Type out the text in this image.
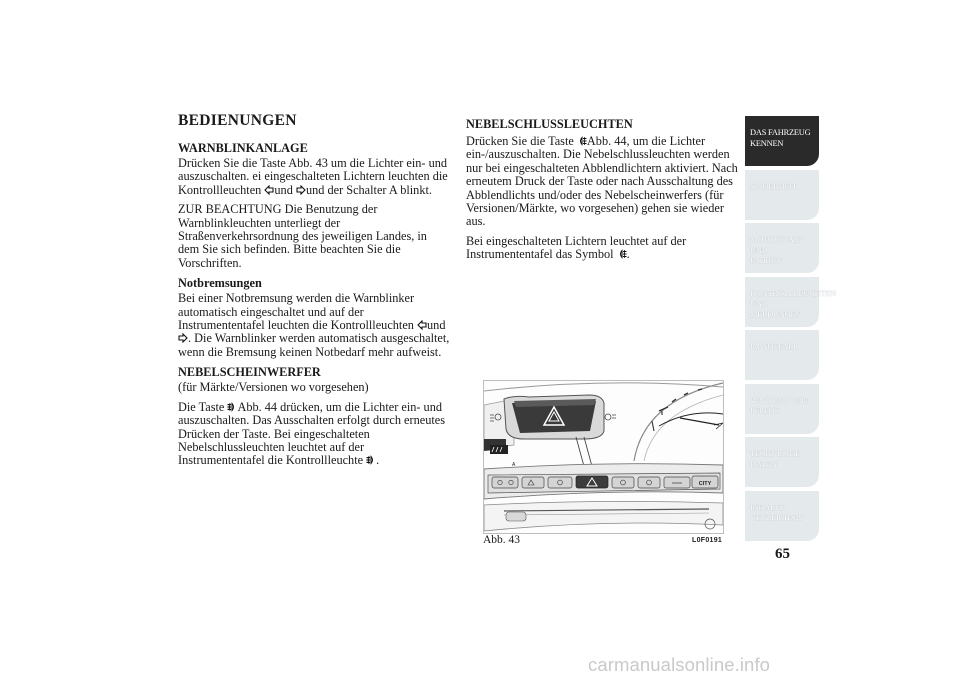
BEDIENUNGEN
WARNBLINKANLAGE

Drücken Sie die Taste Abb. 43 um die Lichter ein- und auszuschalten. ei eingeschalteten Lichtern leuchten die Kontrollleuchten
und
und der Schalter A blinkt.

ZUR BEACHTUNG Die Benutzung der Warnblinkleuchten unterliegt der Straßenverkehrsordnung des jeweiligen Landes, in dem Sie sich befinden. Bitte beachten Sie die Vorschriften.

Notbremsungen

Bei einer Notbremsung werden die Warnblinker automatisch eingeschaltet und auf der Instrumententafel leuchten die Kontrollleuchten
und
. Die Warnblinker werden automatisch ausgeschaltet, wenn die Bremsung keinen Notbedarf mehr aufweist.

NEBELSCHEINWERFER

(für Märkte/Versionen wo vorgesehen)

Die Taste
Abb. 44 drücken, um die Lichter ein- und auszuschalten. Das Ausschalten erfolgt durch erneutes Drücken der Taste. Bei eingeschalteten Nebelschlussleuchten leuchtet auf der Instrumententafel die Kontrollleuchte
.

NEBELSCHLUSSLEUCHTEN

Drücken Sie die Taste
Abb. 44, um die Lichter ein-/auszuschalten. Die Nebelschlussleuchten werden nur bei eingeschalteten Abblendlichtern aktiviert. Nach erneutem Druck der Taste oder nach Ausschaltung des Abblendlichts und/oder des Nebelscheinwerfers (für Versionen/Märkte, wo vorgesehen) gehen sie wieder aus.

Bei eingeschalteten Lichtern leuchtet auf der Instrumententafel das Symbol
.

CITY
A
Abb. 43	L0F0191
DAS FAHRZEUG
KENNEN
SICHERHEIT
MOTORSTART UND
FAHREN
KONTROLLLEUCHTEN
UND MELDUNGEN
IM NOTFALL
WARTUNG UND
PFLEGE
TECHNISCHE
DATEN
INHALTS-
VERZEICHNIS
65
carmanualsonline.info
